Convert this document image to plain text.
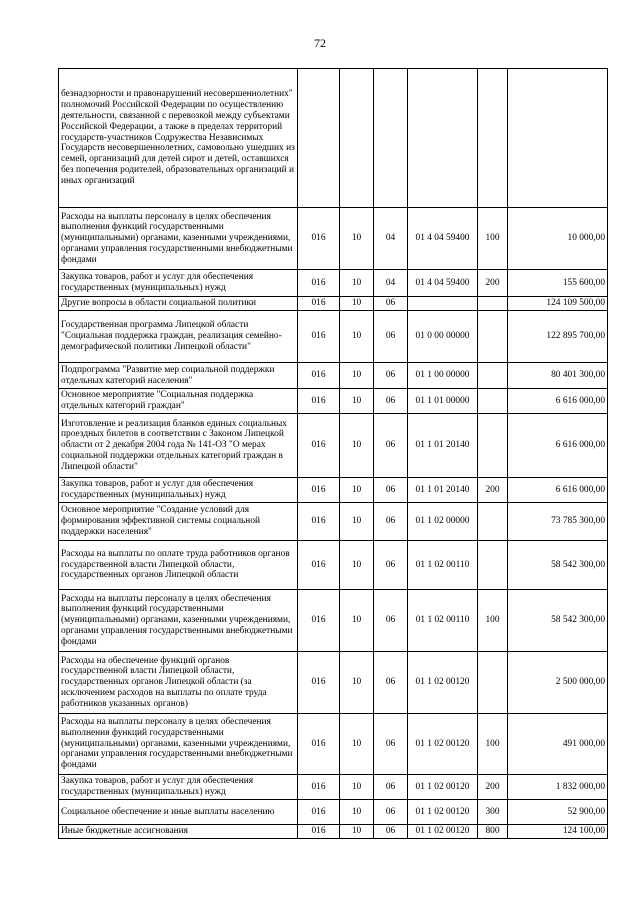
72
безнадзорности и правонарушений несовершеннолетних" полномочий Российской Федерации по осуществлению деятельности, связанной с перевозкой между субъектами Российской Федерации, а также в пределах территорий государств-участников Содружества Независимых Государств несовершеннолетних, самовольно ушедших из семей, организаций для детей сирот и детей, оставшихся без попечения родителей, образовательных организаций и иных организаций						
Расходы на выплаты персоналу в целях обеспечения выполнения функций государственными (муниципальными) органами, казенными учреждениями, органами управления государственными внебюджетными фондами	016	10	04	01 4 04 59400	100	10 000,00
Закупка товаров, работ и услуг для обеспечения государственных (муниципальных) нужд	016	10	04	01 4 04 59400	200	155 600,00
Другие вопросы в области социальной политики	016	10	06			124 109 500,00
Государственная программа Липецкой области "Социальная поддержка граждан, реализация семейно-демографической политики Липецкой области"	016	10	06	01 0 00 00000		122 895 700,00
Подпрограмма "Развитие мер социальной поддержки отдельных категорий населения"	016	10	06	01 1 00 00000		80 401 300,00
Основное мероприятие "Социальная поддержка отдельных категорий граждан"	016	10	06	01 1 01 00000		6 616 000,00
Изготовление и реализация бланков единых социальных проездных билетов в соответствии с Законом Липецкой области от 2 декабря 2004 года № 141-ОЗ "О мерах социальной поддержки отдельных категорий граждан в Липецкой области"	016	10	06	01 1 01 20140		6 616 000,00
Закупка товаров, работ и услуг для обеспечения государственных (муниципальных) нужд	016	10	06	01 1 01 20140	200	6 616 000,00
Основное мероприятие "Создание условий для формирования эффективной системы социальной поддержки населения"	016	10	06	01 1 02 00000		73 785 300,00
Расходы на выплаты по оплате труда работников органов государственной власти Липецкой области, государственных органов Липецкой области	016	10	06	01 1 02 00110		58 542 300,00
Расходы на выплаты персоналу в целях обеспечения выполнения функций государственными (муниципальными) органами, казенными учреждениями, органами управления государственными внебюджетными фондами	016	10	06	01 1 02 00110	100	58 542 300,00
Расходы на обеспечение функций органов государственной власти Липецкой области, государственных органов Липецкой области (за исключением расходов на выплаты по оплате труда работников указанных органов)	016	10	06	01 1 02 00120		2 500 000,00
Расходы на выплаты персоналу в целях обеспечения выполнения функций государственными (муниципальными) органами, казенными учреждениями, органами управления государственными внебюджетными фондами	016	10	06	01 1 02 00120	100	491 000,00
Закупка товаров, работ и услуг для обеспечения государственных (муниципальных) нужд	016	10	06	01 1 02 00120	200	1 832 000,00
Социальное обеспечение и иные выплаты населению	016	10	06	01 1 02 00120	300	52 900,00
Иные бюджетные ассигнования	016	10	06	01 1 02 00120	800	124 100,00
